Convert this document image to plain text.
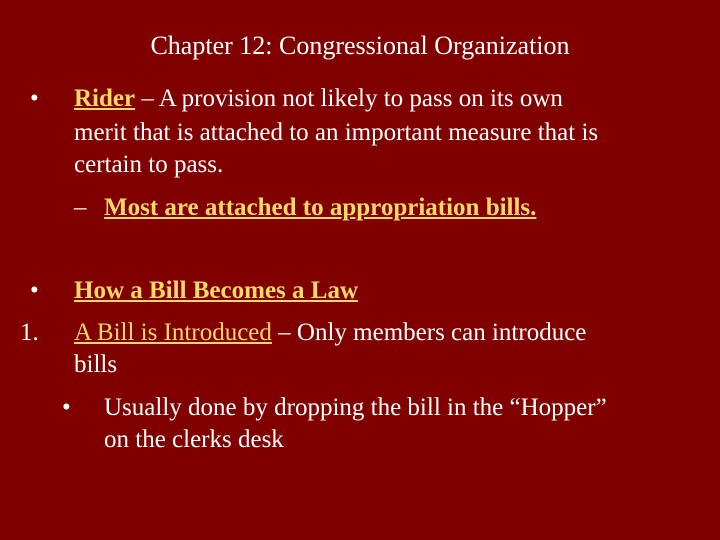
Chapter 12: Congressional Organization
• Rider – A provision not likely to pass on its own
merit that is attached to an important measure that is
certain to pass.
– Most are attached to appropriation bills.
• How a Bill Becomes a Law
1. A Bill is Introduced – Only members can introduce
bills
• Usually done by dropping the bill in the “Hopper”
on the clerks desk
